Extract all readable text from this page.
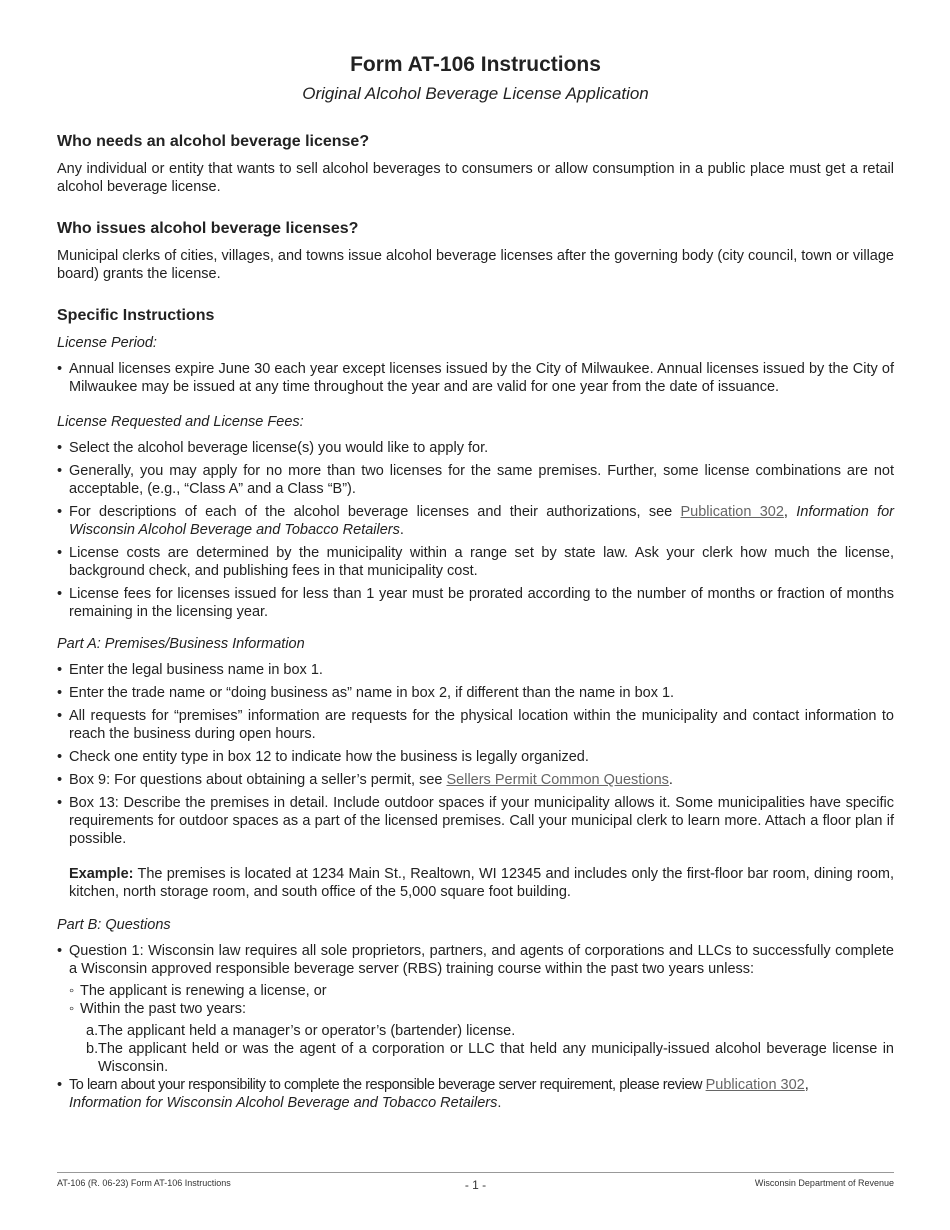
Form AT-106 Instructions
Original Alcohol Beverage License Application
Who needs an alcohol beverage license?

Any individual or entity that wants to sell alcohol beverages to consumers or allow consumption in a public place must get a retail alcohol beverage license.

Who issues alcohol beverage licenses?

Municipal clerks of cities, villages, and towns issue alcohol beverage licenses after the governing body (city council, town or village board) grants the license.

Specific Instructions
License Period:
• Annual licenses expire June 30 each year except licenses issued by the City of Milwaukee. Annual licenses issued by the City of Milwaukee may be issued at any time throughout the year and are valid for one year from the date of issuance.
License Requested and License Fees:
• Select the alcohol beverage license(s) you would like to apply for.
• Generally, you may apply for no more than two licenses for the same premises. Further, some license combinations are not acceptable, (e.g., “Class A” and a Class “B”).
• For descriptions of each of the alcohol beverage licenses and their authorizations, see Publication 302, Information for Wisconsin Alcohol Beverage and Tobacco Retailers.
• License costs are determined by the municipality within a range set by state law. Ask your clerk how much the license, background check, and publishing fees in that municipality cost.
• License fees for licenses issued for less than 1 year must be prorated according to the number of months or fraction of months remaining in the licensing year.
Part A: Premises/Business Information
• Enter the legal business name in box 1.
• Enter the trade name or “doing business as” name in box 2, if different than the name in box 1.
• All requests for “premises” information are requests for the physical location within the municipality and contact information to reach the business during open hours.
• Check one entity type in box 12 to indicate how the business is legally organized.
• Box 9: For questions about obtaining a seller’s permit, see Sellers Permit Common Questions.
• Box 13: Describe the premises in detail. Include outdoor spaces if your municipality allows it. Some municipalities have specific requirements for outdoor spaces as a part of the licensed premises. Call your municipal clerk to learn more. Attach a floor plan if possible.
Example: The premises is located at 1234 Main St., Realtown, WI 12345 and includes only the first-floor bar room, dining room, kitchen, north storage room, and south office of the 5,000 square foot building.
Part B: Questions
• Question 1: Wisconsin law requires all sole proprietors, partners, and agents of corporations and LLCs to successfully complete a Wisconsin approved responsible beverage server (RBS) training course within the past two years unless:
◦ The applicant is renewing a license, or
◦ Within the past two years:
a. The applicant held a manager’s or operator’s (bartender) license.
b. The applicant held or was the agent of a corporation or LLC that held any municipally-issued alcohol beverage license in Wisconsin.
• To learn about your responsibility to complete the responsible beverage server requirement, please review Publication 302,
Information for Wisconsin Alcohol Beverage and Tobacco Retailers.
AT-106 (R. 06-23) Form AT-106 Instructions	- 1 -	Wisconsin Department of Revenue
